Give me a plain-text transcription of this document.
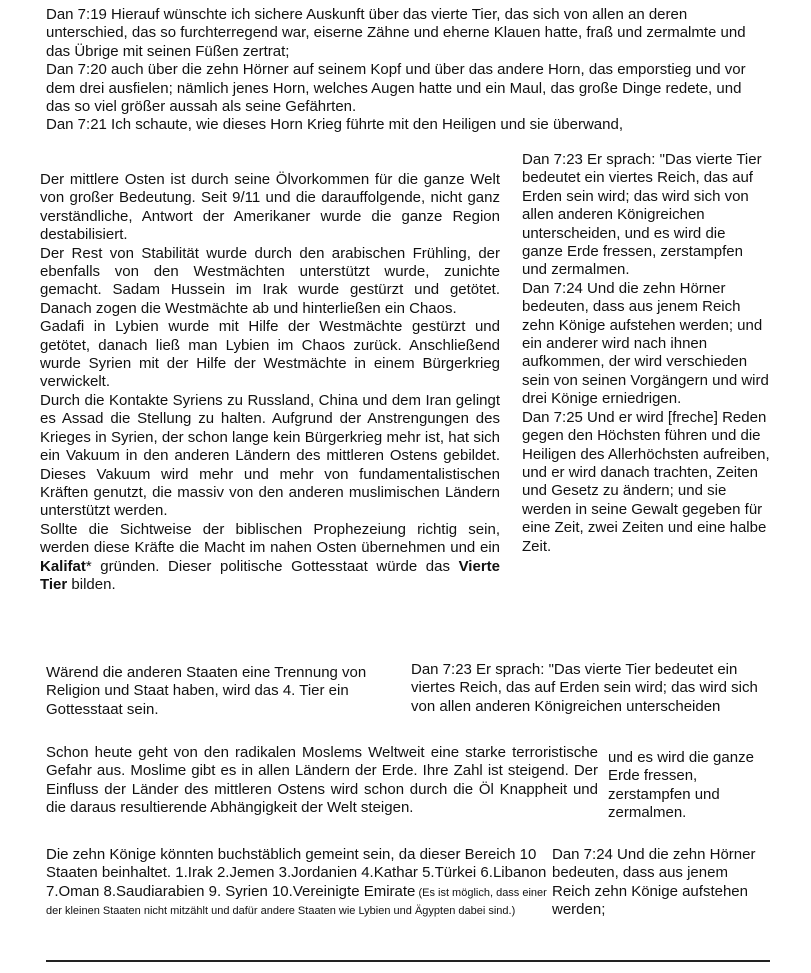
Dan 7:19 Hierauf wünschte ich sichere Auskunft über das vierte Tier, das sich von allen an deren unterschied, das so furchterregend war, eiserne Zähne und eherne Klauen hatte, fraß und zermalmte und das Übrige mit seinen Füßen zertrat;

Dan 7:20 auch über die zehn Hörner auf seinem Kopf und über das andere Horn, das emporstieg und vor dem drei ausfielen; nämlich jenes Horn, welches Augen hatte und ein Maul, das große Dinge redete, und das so viel größer aussah als seine Gefährten.

Dan 7:21 Ich schaute, wie dieses Horn Krieg führte mit den Heiligen und sie überwand,

Der mittlere Osten ist durch seine Ölvorkommen für die ganze Welt von großer Bedeutung. Seit 9/11 und die darauffolgende, nicht ganz verständliche, Antwort der Amerikaner wurde die ganze Region destabilisiert.

Der Rest von Stabilität wurde durch den arabischen Frühling, der ebenfalls von den Westmächten unterstützt wurde, zunichte gemacht. Sadam Hussein im Irak wurde gestürzt und getötet. Danach zogen die Westmächte ab und hinterließen ein Chaos.

Gadafi in Lybien wurde mit Hilfe der Westmächte gestürzt und getötet, danach ließ man Lybien im Chaos zurück. Anschließend wurde Syrien mit der Hilfe der Westmächte in einem Bürgerkrieg verwickelt.

Durch die Kontakte Syriens zu Russland, China und dem Iran gelingt es Assad die Stellung zu halten. Aufgrund der Anstrengungen des Krieges in Syrien, der schon lange kein Bürgerkrieg mehr ist, hat sich ein Vakuum in den anderen Ländern des mittleren Ostens gebildet. Dieses Vakuum wird mehr und mehr von fundamentalistischen Kräften genutzt, die massiv von den anderen muslimischen Ländern unterstützt werden.

Sollte die Sichtweise der biblischen Prophezeiung richtig sein, werden diese Kräfte die Macht im nahen Osten übernehmen und ein Kalifat* gründen. Dieser politische Gottesstaat würde das Vierte Tier bilden.

Dan 7:23 Er sprach: "Das vierte Tier bedeutet ein viertes Reich, das auf Erden sein wird; das wird sich von allen anderen Königreichen unterscheiden, und es wird die ganze Erde fressen, zerstampfen und zermalmen.

Dan 7:24 Und die zehn Hörner bedeuten, dass aus jenem Reich zehn Könige aufstehen werden; und ein anderer wird nach ihnen aufkommen, der wird verschieden sein von seinen Vorgängern und wird drei Könige erniedrigen.

Dan 7:25 Und er wird [freche] Reden gegen den Höchsten führen und die Heiligen des Allerhöchsten aufreiben, und er wird danach trachten, Zeiten und Gesetz zu ändern; und sie werden in seine Gewalt gegeben für eine Zeit, zwei Zeiten und eine halbe Zeit.

Wärend die anderen Staaten eine Trennung von Religion und Staat haben, wird das 4. Tier ein Gottesstaat sein.

Dan 7:23 Er sprach: "Das vierte Tier bedeutet ein viertes Reich, das auf Erden sein wird; das wird sich von allen anderen Königreichen unterscheiden

Schon heute geht von den radikalen Moslems Weltweit eine starke terroristische Gefahr aus. Moslime gibt es in allen Ländern der Erde. Ihre Zahl ist steigend. Der Einfluss der Länder des mittleren Ostens wird schon durch die Öl Knappheit und die daraus resultierende Abhängigkeit der Welt steigen.

und es wird die ganze Erde fressen, zerstampfen und zermalmen.

Die zehn Könige könnten buchstäblich gemeint sein, da dieser Bereich 10 Staaten beinhaltet. 1.Irak 2.Jemen 3.Jordanien 4.Kathar 5.Türkei 6.Libanon 7.Oman 8.Saudiarabien 9. Syrien 10.Vereinigte Emirate (Es ist möglich, dass einer der kleinen Staaten nicht mitzählt und dafür andere Staaten wie Lybien und Ägypten dabei sind.)

Dan 7:24 Und die zehn Hörner bedeuten, dass aus jenem Reich zehn Könige aufstehen werden;
